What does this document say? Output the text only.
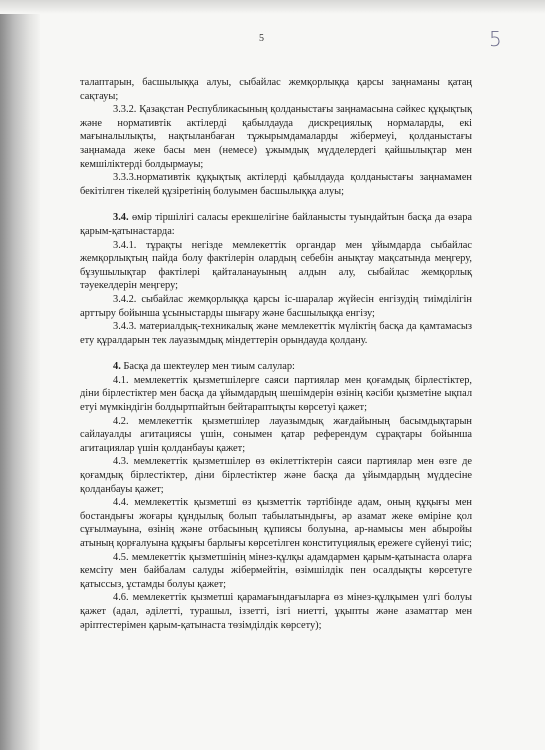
5	5

талаптарын, басшылыққа алуы, сыбайлас жемқорлыққа қарсы заңнаманы қатаң сақтауы;

3.3.2. Қазақстан Республикасының қолданыстағы заңнамасына сәйкес құқықтық және нормативтік актілерді қабылдауда дискрециялық нормаларды, екі мағыналылықты, нақтыланбаған тұжырымдамаларды жібермеуі, қолданыстағы заңнамада жеке басы мен (немесе) ұжымдық мүдделердегі қайшылықтар мен кемшіліктерді болдырмауы;

3.3.3.нормативтік құқықтық актілерді қабылдауда қолданыстағы заңнамамен бекітілген тікелей құзіретінің болуымен басшылыққа алуы;

3.4. өмір тіршілігі саласы ерекшелігіне байланысты туындайтын басқа да өзара қарым-қатынастарда:

3.4.1. тұрақты негізде мемлекеттік органдар мен ұйымдарда сыбайлас жемқорлықтың пайда болу фактілерін олардың себебін анықтау мақсатында меңгеру, бұзушылықтар фактілері қайталанауының алдын алу, сыбайлас жемқорлық тәуекелдерін меңгеру;

3.4.2. сыбайлас жемқорлыққа қарсы іс-шаралар жүйесін енгізудің тиімділігін арттыру бойынша ұсыныстарды шығару және басшылыққа енгізу;

3.4.3. материалдық-техникалық және мемлекеттік мүліктің басқа да қамтамасыз ету құралдарын тек лауазымдық міндеттерін орындауда қолдану.

4. Басқа да шектеулер мен тиым салулар:

4.1. мемлекеттік қызметшілерге саяси партиялар мен қоғамдық бірлестіктер, діни бірлестіктер мен басқа да ұйымдардың шешімдерін өзінің кәсіби қызметіне ықпал етуі мүмкіндігін болдыртпайтын бейтараптықты көрсетуі қажет;

4.2. мемлекеттік қызметшілер лауазымдық жағдайының басымдықтарын сайлауалды агитациясы үшін, сонымен қатар референдум сұрақтары бойынша агитациялар үшін қолданбауы қажет;

4.3. мемлекеттік қызметшілер өз өкілеттіктерін саяси партиялар мен өзге де қоғамдық бірлестіктер, діни бірлестіктер және басқа да ұйымдардың мүддесіне қолданбауы қажет;

4.4. мемлекеттік қызметші өз қызметтік тәртібінде адам, оның құқығы мен бостандығы жоғары құндылық болып табылатындығы, әр азамат жеке өміріне қол сұғылмауына, өзінің және отбасының құпиясы болуына, ар-намысы мен абыройы атының қорғалуына құқығы барлығы көрсетілген конституциялық ережеге сүйенуі тиіс;

4.5. мемлекеттік қызметшінің мінез-құлқы адамдармен қарым-қатынаста оларға кемсіту мен байбалам салуды жібермейтін, өзімшілдік пен осалдықты көрсетуге қатыссыз, ұстамды болуы қажет;

4.6. мемлекеттік қызметші қарамағындағыларға өз мінез-құлқымен үлгі болуы қажет (адал, әділетті, турашыл, іззетті, ізгі ниетті, ұқыпты және азаматтар мен әріптестерімен қарым-қатынаста төзімділдік көрсету);
